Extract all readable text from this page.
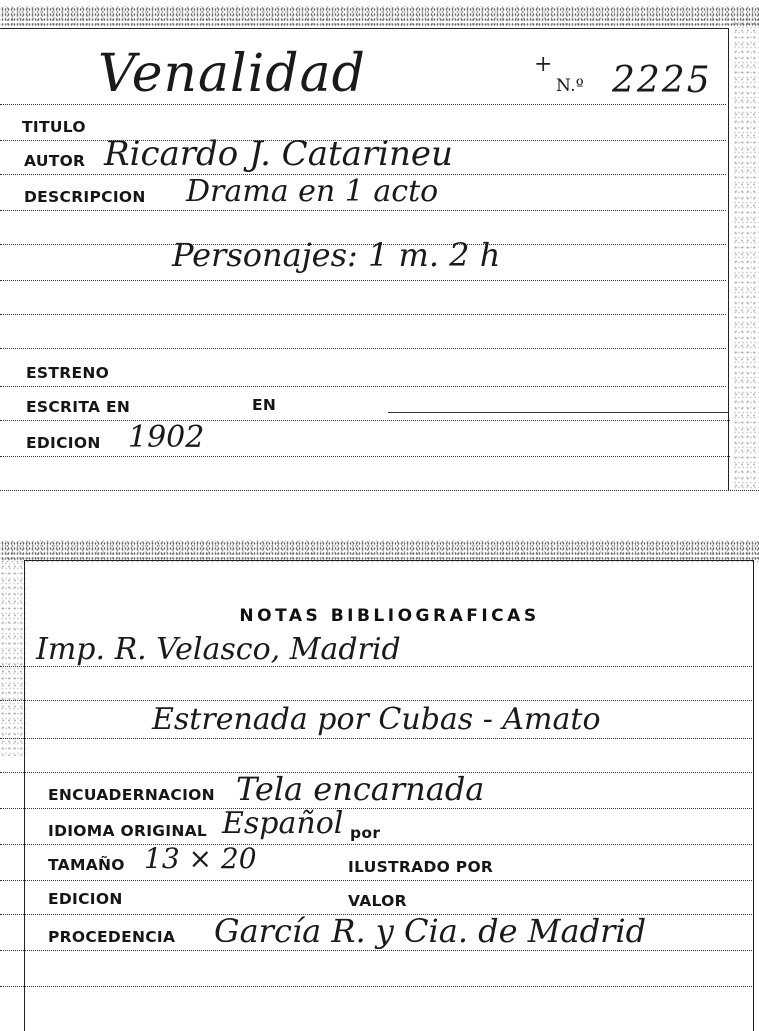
Venalidad	+
N.º 2225
TITULO
AUTOR Ricardo J. Catarineu
DESCRIPCION Drama en 1 acto
Personajes: 1 m. 2 h
ESTRENO
ESCRITA EN	EN
EDICION 1902
NOTAS BIBLIOGRAFICAS
Imp. R. Velasco, Madrid
Estrenada por Cubas - Amato
ENCUADERNACION Tela encarnada
IDIOMA ORIGINAL Español por
TAMAÑO 13 × 20	ILUSTRADO POR
EDICION	VALOR
PROCEDENCIA García R. y Cia. de Madrid
